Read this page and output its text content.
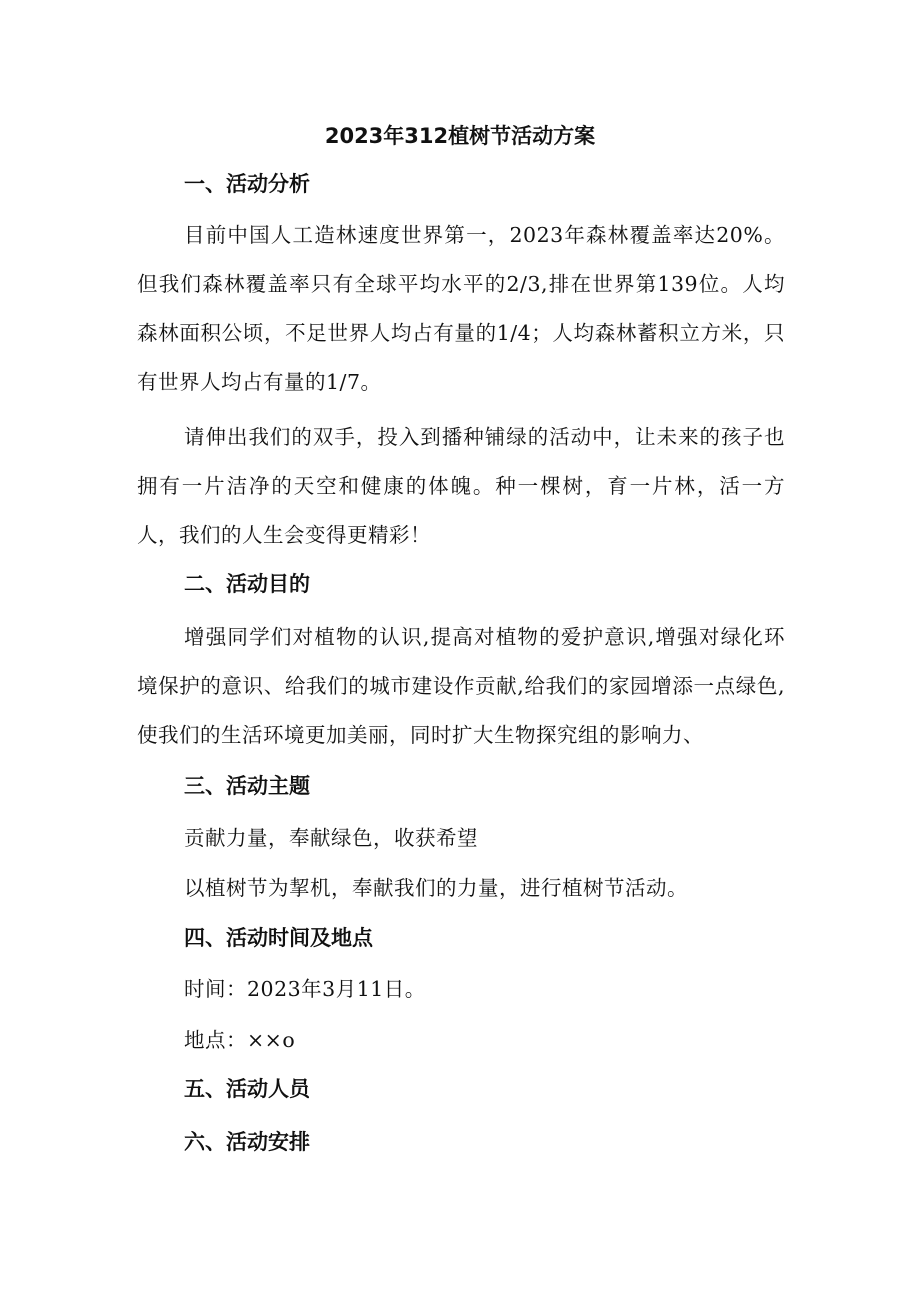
2023年312植树节活动方案
一、活动分析
目前中国人工造林速度世界第一，2023年森林覆盖率达20%。但我们森林覆盖率只有全球平均水平的2/3,排在世界第139位。人均森林面积公顷，不足世界人均占有量的1/4；人均森林蓄积立方米，只有世界人均占有量的1/7。
请伸出我们的双手，投入到播种铺绿的活动中，让未来的孩子也拥有一片洁净的天空和健康的体魄。种一棵树，育一片林，活一方人，我们的人生会变得更精彩！
二、活动目的
增强同学们对植物的认识,提高对植物的爱护意识,增强对绿化环境保护的意识、给我们的城市建设作贡献,给我们的家园增添一点绿色,使我们的生活环境更加美丽，同时扩大生物探究组的影响力、
三、活动主题
贡献力量，奉献绿色，收获希望
以植树节为挈机，奉献我们的力量，进行植树节活动。
四、活动时间及地点
时间：2023年3月11日。
地点：××o
五、活动人员
六、活动安排
